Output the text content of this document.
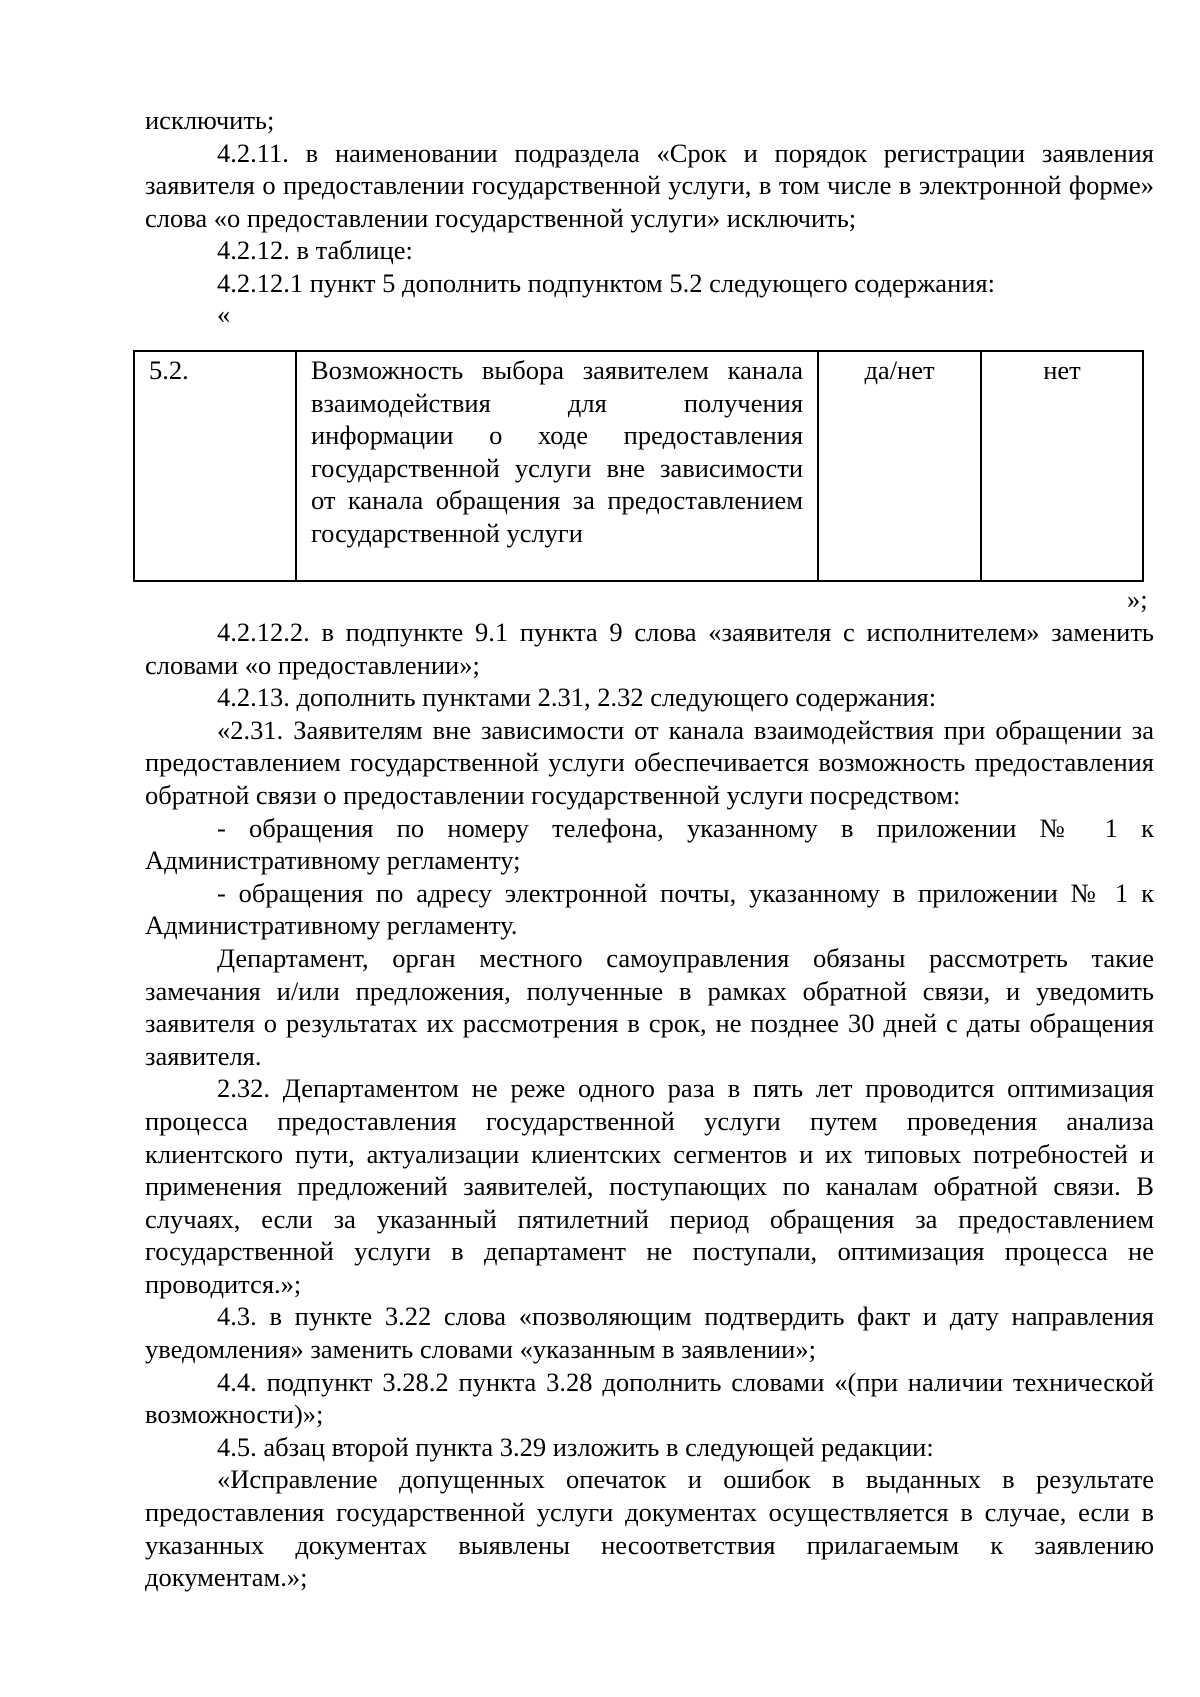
исключить;

4.2.11. в наименовании подраздела «Срок и порядок регистрации заявления заявителя о предоставлении государственной услуги, в том числе в электронной форме» слова «о предоставлении государственной услуги» исключить;

4.2.12. в таблице:

4.2.12.1 пункт 5 дополнить подпунктом 5.2 следующего содержания:

«
5.2.	Возможность выбора заявителем канала взаимодействия для получения информации о ходе предоставления государственной услуги вне зависимости от канала обращения за предоставлением государственной услуги	да/нет	нет
»;

4.2.12.2. в подпункте 9.1 пункта 9 слова «заявителя с исполнителем» заменить словами «о предоставлении»;

4.2.13. дополнить пунктами 2.31, 2.32 следующего содержания:

«2.31. Заявителям вне зависимости от канала взаимодействия при обращении за предоставлением государственной услуги обеспечивается возможность предоставления обратной связи о предоставлении государственной услуги посредством:

- обращения по номеру телефона, указанному в приложении № 1 к Административному регламенту;

- обращения по адресу электронной почты, указанному в приложении № 1 к Административному регламенту.

Департамент, орган местного самоуправления обязаны рассмотреть такие замечания и/или предложения, полученные в рамках обратной связи, и уведомить заявителя о результатах их рассмотрения в срок, не позднее 30 дней с даты обращения заявителя.

2.32. Департаментом не реже одного раза в пять лет проводится оптимизация процесса предоставления государственной услуги путем проведения анализа клиентского пути, актуализации клиентских сегментов и их типовых потребностей и применения предложений заявителей, поступающих по каналам обратной связи. В случаях, если за указанный пятилетний период обращения за предоставлением государственной услуги в департамент не поступали, оптимизация процесса не проводится.»;

4.3. в пункте 3.22 слова «позволяющим подтвердить факт и дату направления уведомления» заменить словами «указанным в заявлении»;

4.4. подпункт 3.28.2 пункта 3.28 дополнить словами «(при наличии технической возможности)»;

4.5. абзац второй пункта 3.29 изложить в следующей редакции:

«Исправление допущенных опечаток и ошибок в выданных в результате предоставления государственной услуги документах осуществляется в случае, если в указанных документах выявлены несоответствия прилагаемым к заявлению документам.»;
